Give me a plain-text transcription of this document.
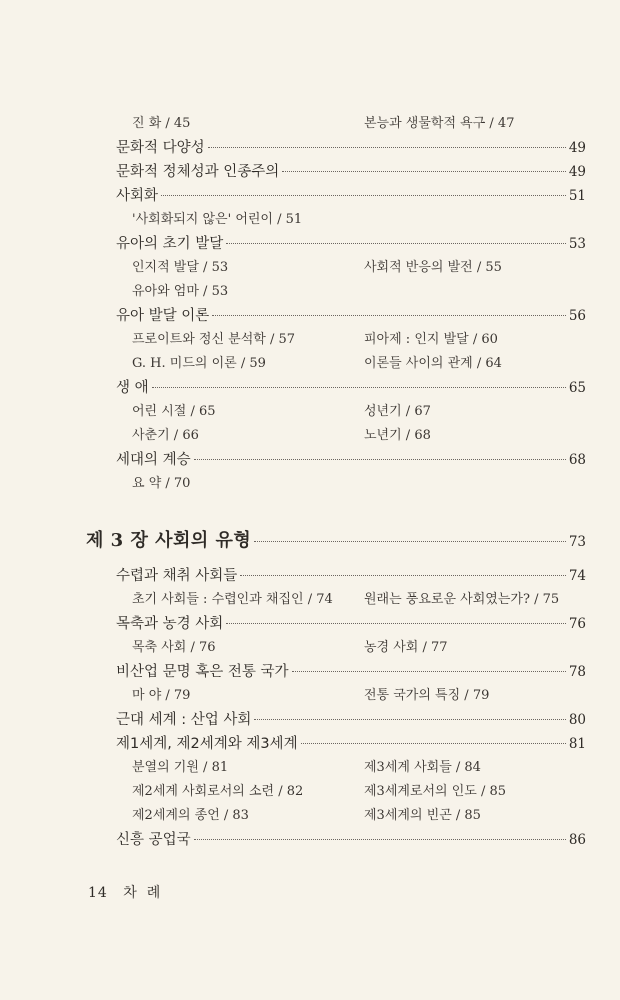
진 화 / 45	본능과 생물학적 욕구 / 47
문화적 다양성	49
문화적 정체성과 인종주의	49
사회화	51
'사회화되지 않은' 어린이 / 51
유아의 초기 발달	53
인지적 발달 / 53	사회적 반응의 발전 / 55
유아와 엄마 / 53
유아 발달 이론	56
프로이트와 정신 분석학 / 57	피아제 : 인지 발달 / 60
G. H. 미드의 이론 / 59	이론들 사이의 관계 / 64
생 애	65
어린 시절 / 65	성년기 / 67
사춘기 / 66	노년기 / 68
세대의 계승	68
요 약 / 70
제 3 장 사회의 유형	73
수렵과 채취 사회들	74
초기 사회들 : 수렵인과 채집인 / 74 원래는 풍요로운 사회였는가? / 75
목축과 농경 사회	76
목축 사회 / 76	농경 사회 / 77
비산업 문명 혹은 전통 국가	78
마 야 / 79	전통 국가의 특징 / 79
근대 세계 : 산업 사회	80
제1세계, 제2세계와 제3세계	81
분열의 기원 / 81	제3세계 사회들 / 84
제2세계 사회로서의 소련 / 82	제3세계로서의 인도 / 85
제2세계의 종언 / 83	제3세계의 빈곤 / 85
신흥 공업국	86
14 차례
